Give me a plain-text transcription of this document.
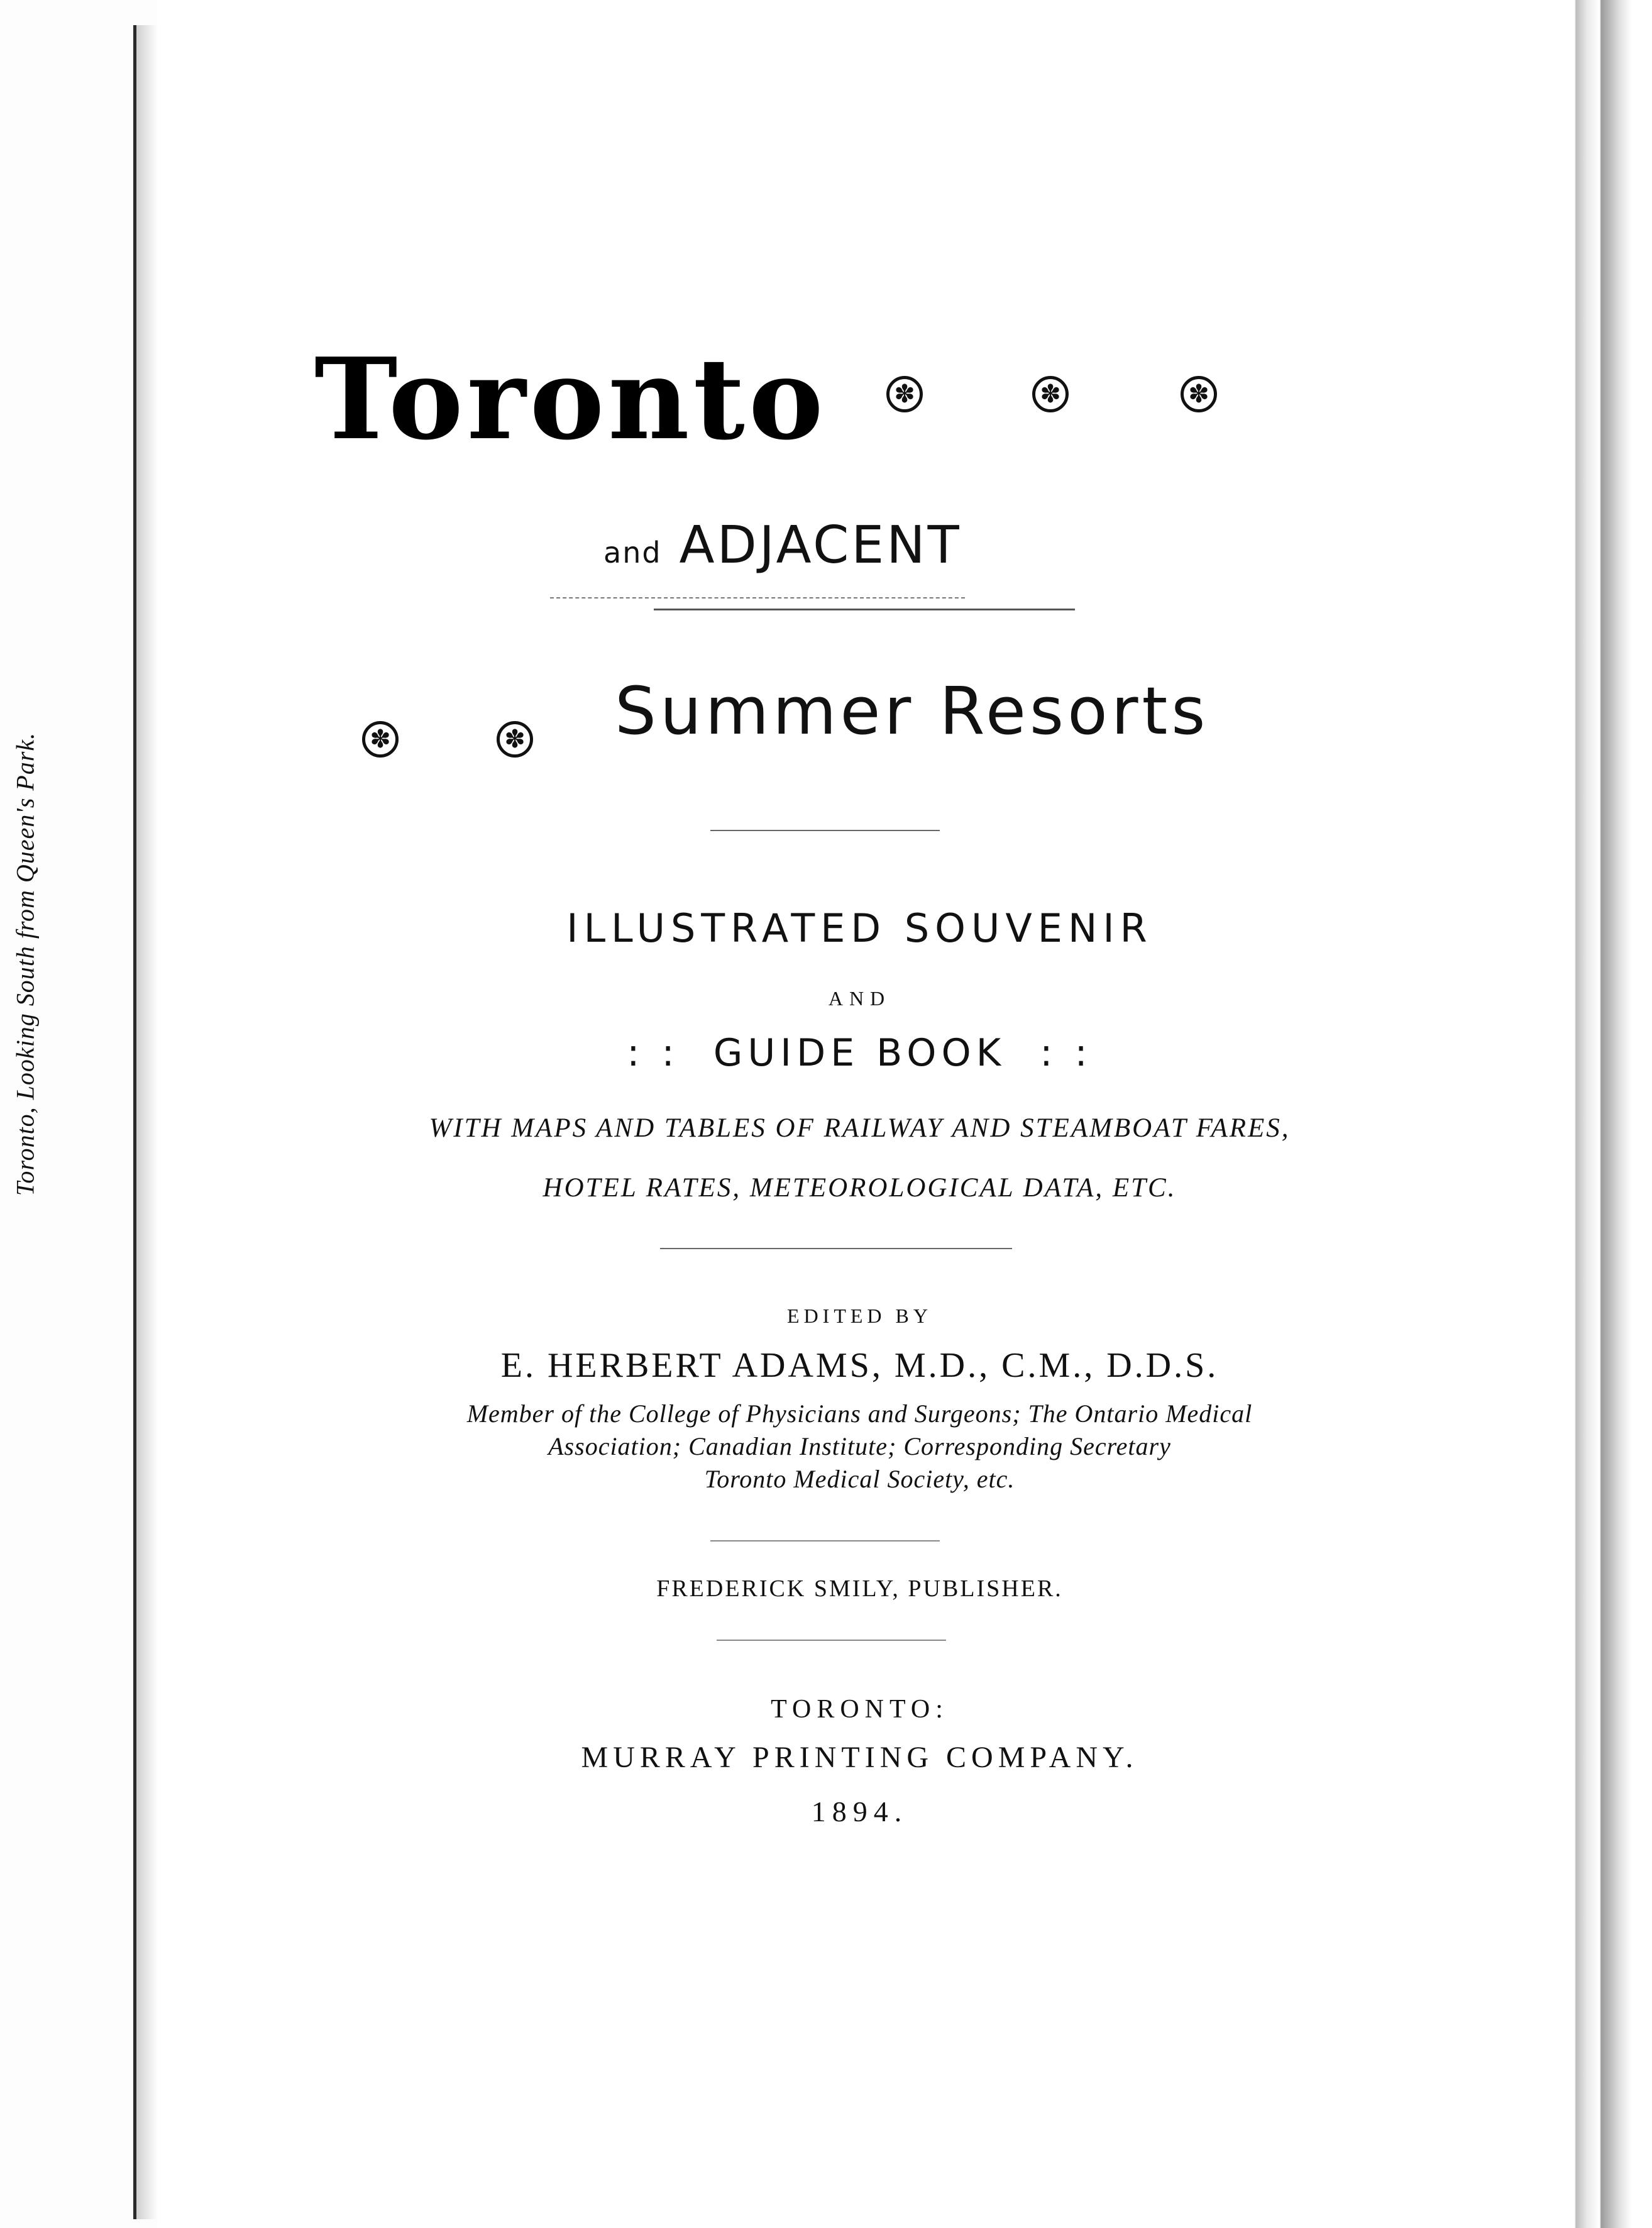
Toronto, Looking South from Queen's Park.
Toronto	✽	✽	✽
and ADJACENT
✽	✽ Summer Resorts
ILLUSTRATED SOUVENIR
AND
: :  GUIDE BOOK  : :
WITH MAPS AND TABLES OF RAILWAY AND STEAMBOAT FARES,
HOTEL RATES, METEOROLOGICAL DATA, ETC.
EDITED BY
E. HERBERT ADAMS, M.D., C.M., D.D.S.
Member of the College of Physicians and Surgeons; The Ontario Medical
Association; Canadian Institute; Corresponding Secretary
Toronto Medical Society, etc.
FREDERICK SMILY, PUBLISHER.
TORONTO:
MURRAY PRINTING COMPANY.
1894.
